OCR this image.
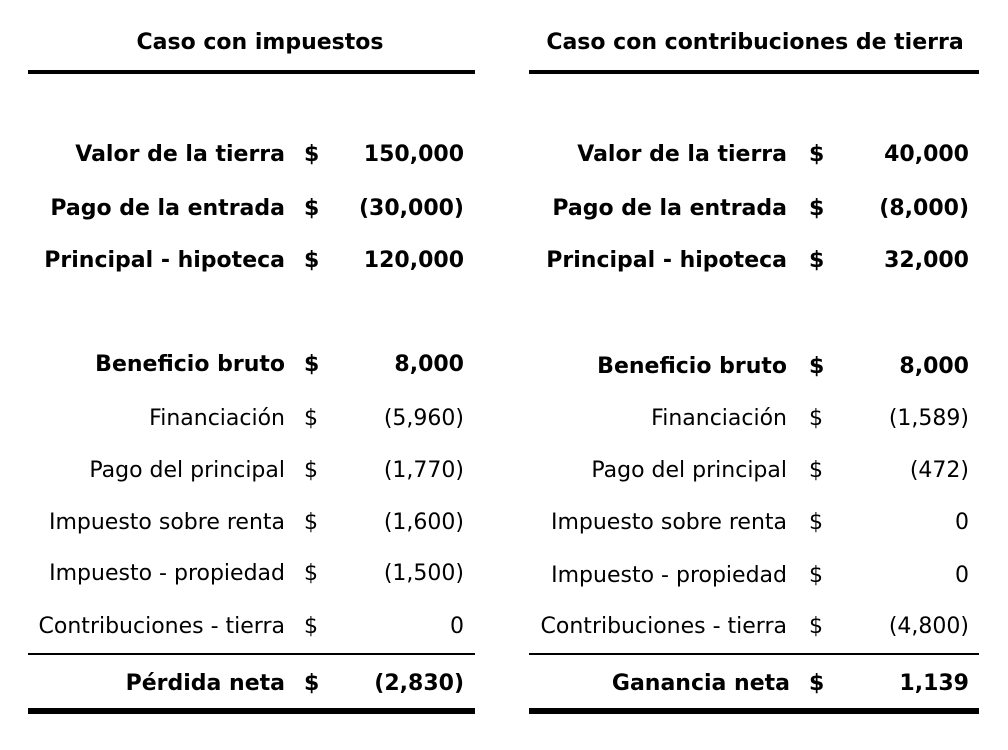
Caso con impuestos
Valor de la tierra $ 150,000
Pago de la entrada $ (30,000)
Principal - hipoteca $ 120,000
Beneficio bruto $	8,000
Financiación $	(5,960)
Pago del principal $	(1,770)
Impuesto sobre renta $	(1,600)
Impuesto - propiedad $	(1,500)
Contribuciones - tierra $	0
Pérdida neta $ (2,830)
Caso con contribuciones de tierra
Valor de la tierra $	40,000
Pago de la entrada $ (8,000)
Principal - hipoteca $	32,000
Beneficio bruto $	8,000
Financiación $	(1,589)
Pago del principal $	(472)
Impuesto sobre renta $	0
Impuesto - propiedad $	0
Contribuciones - tierra $	(4,800)
Ganancia neta $	1,139
